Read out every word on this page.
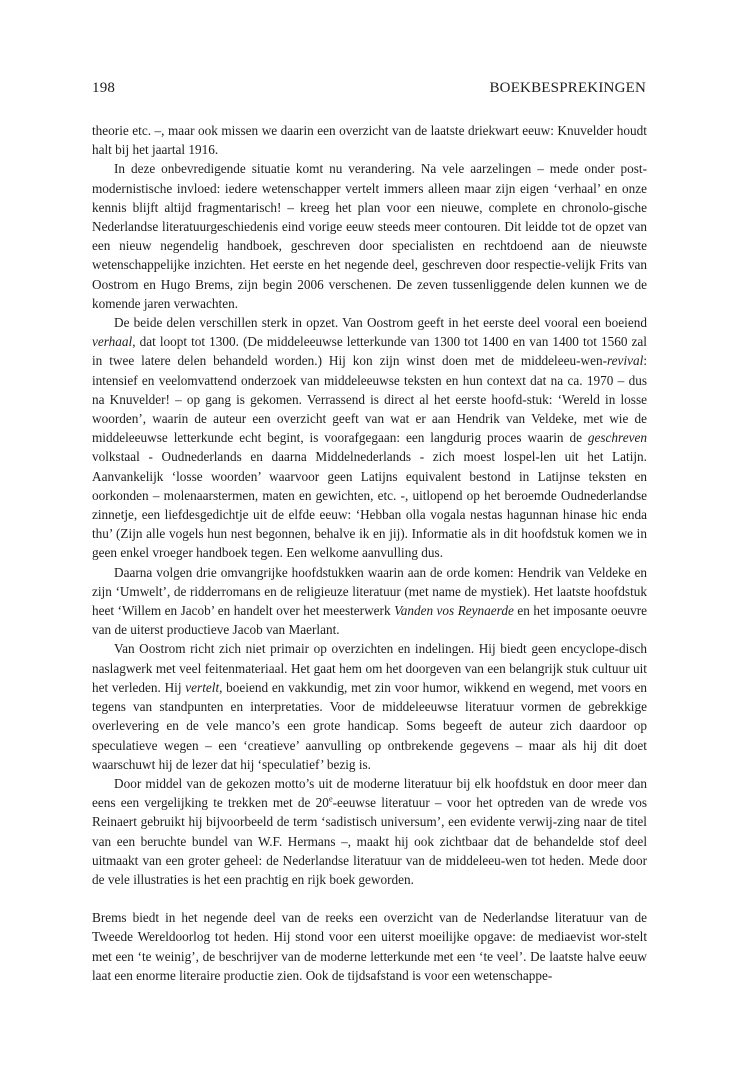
198	BOEKBESPREKINGEN

theorie etc. –, maar ook missen we daarin een overzicht van de laatste driekwart eeuw: Knuvelder houdt halt bij het jaartal 1916.

In deze onbevredigende situatie komt nu verandering. Na vele aarzelingen – mede onder post-modernistische invloed: iedere wetenschapper vertelt immers alleen maar zijn eigen ‘verhaal’ en onze kennis blijft altijd fragmentarisch! – kreeg het plan voor een nieuwe, complete en chronolo-gische Nederlandse literatuurgeschiedenis eind vorige eeuw steeds meer contouren. Dit leidde tot de opzet van een nieuw negendelig handboek, geschreven door specialisten en rechtdoend aan de nieuwste wetenschappelijke inzichten. Het eerste en het negende deel, geschreven door respectie-velijk Frits van Oostrom en Hugo Brems, zijn begin 2006 verschenen. De zeven tussenliggende delen kunnen we de komende jaren verwachten.

De beide delen verschillen sterk in opzet. Van Oostrom geeft in het eerste deel vooral een boeiend verhaal, dat loopt tot 1300. (De middeleeuwse letterkunde van 1300 tot 1400 en van 1400 tot 1560 zal in twee latere delen behandeld worden.) Hij kon zijn winst doen met de middeleeu-wen-revival: intensief en veelomvattend onderzoek van middeleeuwse teksten en hun context dat na ca. 1970 – dus na Knuvelder! – op gang is gekomen. Verrassend is direct al het eerste hoofd-stuk: ‘Wereld in losse woorden’, waarin de auteur een overzicht geeft van wat er aan Hendrik van Veldeke, met wie de middeleeuwse letterkunde echt begint, is voorafgegaan: een langdurig proces waarin de geschreven volkstaal - Oudnederlands en daarna Middelnederlands - zich moest lospel-len uit het Latijn. Aanvankelijk ‘losse woorden’ waarvoor geen Latijns equivalent bestond in Latijnse teksten en oorkonden – molenaarstermen, maten en gewichten, etc. -, uitlopend op het beroemde Oudnederlandse zinnetje, een liefdesgedichtje uit de elfde eeuw: ‘Hebban olla vogala nestas hagunnan hinase hic enda thu’ (Zijn alle vogels hun nest begonnen, behalve ik en jij). Informatie als in dit hoofdstuk komen we in geen enkel vroeger handboek tegen. Een welkome aanvulling dus.

Daarna volgen drie omvangrijke hoofdstukken waarin aan de orde komen: Hendrik van Veldeke en zijn ‘Umwelt’, de ridderromans en de religieuze literatuur (met name de mystiek). Het laatste hoofdstuk heet ‘Willem en Jacob’ en handelt over het meesterwerk Vanden vos Reynaerde en het imposante oeuvre van de uiterst productieve Jacob van Maerlant.

Van Oostrom richt zich niet primair op overzichten en indelingen. Hij biedt geen encyclope-disch naslagwerk met veel feitenmateriaal. Het gaat hem om het doorgeven van een belangrijk stuk cultuur uit het verleden. Hij vertelt, boeiend en vakkundig, met zin voor humor, wikkend en wegend, met voors en tegens van standpunten en interpretaties. Voor de middeleeuwse literatuur vormen de gebrekkige overlevering en de vele manco’s een grote handicap. Soms begeeft de auteur zich daardoor op speculatieve wegen – een ‘creatieve’ aanvulling op ontbrekende gegevens – maar als hij dit doet waarschuwt hij de lezer dat hij ‘speculatief’ bezig is.

Door middel van de gekozen motto’s uit de moderne literatuur bij elk hoofdstuk en door meer dan eens een vergelijking te trekken met de 20e-eeuwse literatuur – voor het optreden van de wrede vos Reinaert gebruikt hij bijvoorbeeld de term ‘sadistisch universum’, een evidente verwij-zing naar de titel van een beruchte bundel van W.F. Hermans –, maakt hij ook zichtbaar dat de behandelde stof deel uitmaakt van een groter geheel: de Nederlandse literatuur van de middeleeu-wen tot heden. Mede door de vele illustraties is het een prachtig en rijk boek geworden.

Brems biedt in het negende deel van de reeks een overzicht van de Nederlandse literatuur van de Tweede Wereldoorlog tot heden. Hij stond voor een uiterst moeilijke opgave: de mediaevist wor-stelt met een ‘te weinig’, de beschrijver van de moderne letterkunde met een ‘te veel’. De laatste halve eeuw laat een enorme literaire productie zien. Ook de tijdsafstand is voor een wetenschappe-
